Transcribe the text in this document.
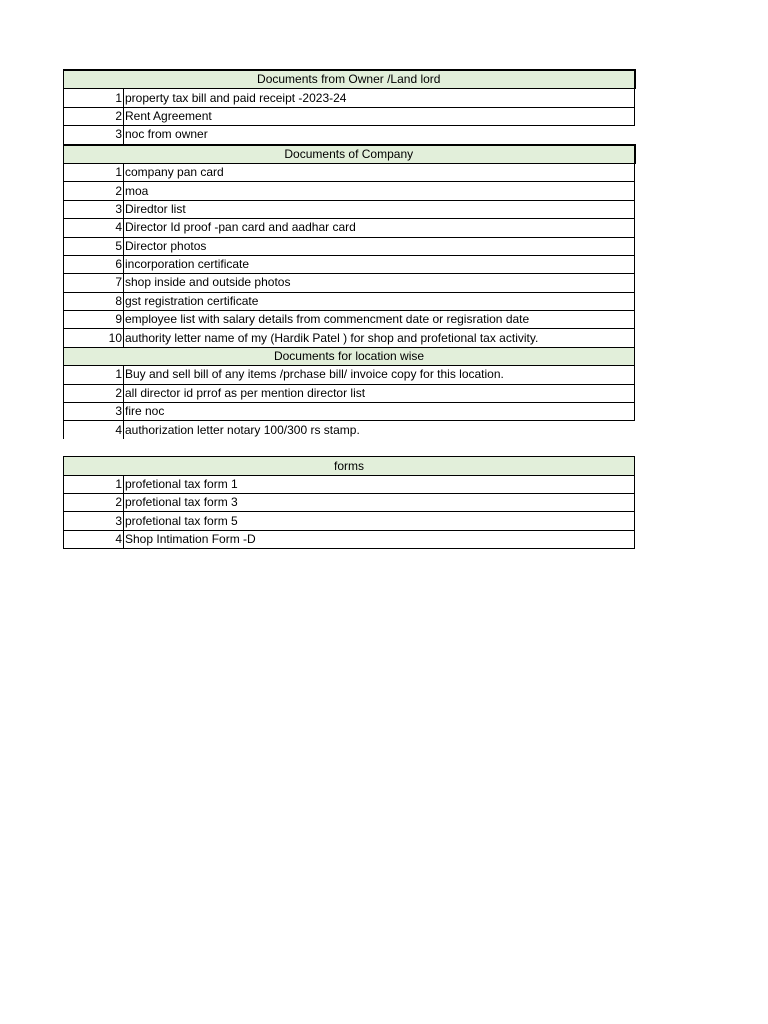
Documents from Owner /Land lord	
1	property tax bill and paid receipt -2023-24
2	Rent Agreement
3	noc from owner
Documents of Company	
1	company pan card
2	moa
3	Diredtor list
4	Director Id proof -pan card and aadhar card
5	Director photos
6	incorporation certificate
7	shop inside and outside photos
8	gst registration certificate
9	employee list with salary details from commencment date or regisration date
10	authority letter name of my (Hardik Patel ) for shop and profetional tax activity.
Documents for location wise	
1	Buy and sell bill of any items /prchase bill/ invoice copy for this location.
2	all director id prrof as per mention director list
3	fire noc
4	authorization letter notary 100/300 rs stamp.

forms	
1	profetional tax form 1
2	profetional tax form 3
3	profetional tax form 5
4	Shop Intimation Form -D
